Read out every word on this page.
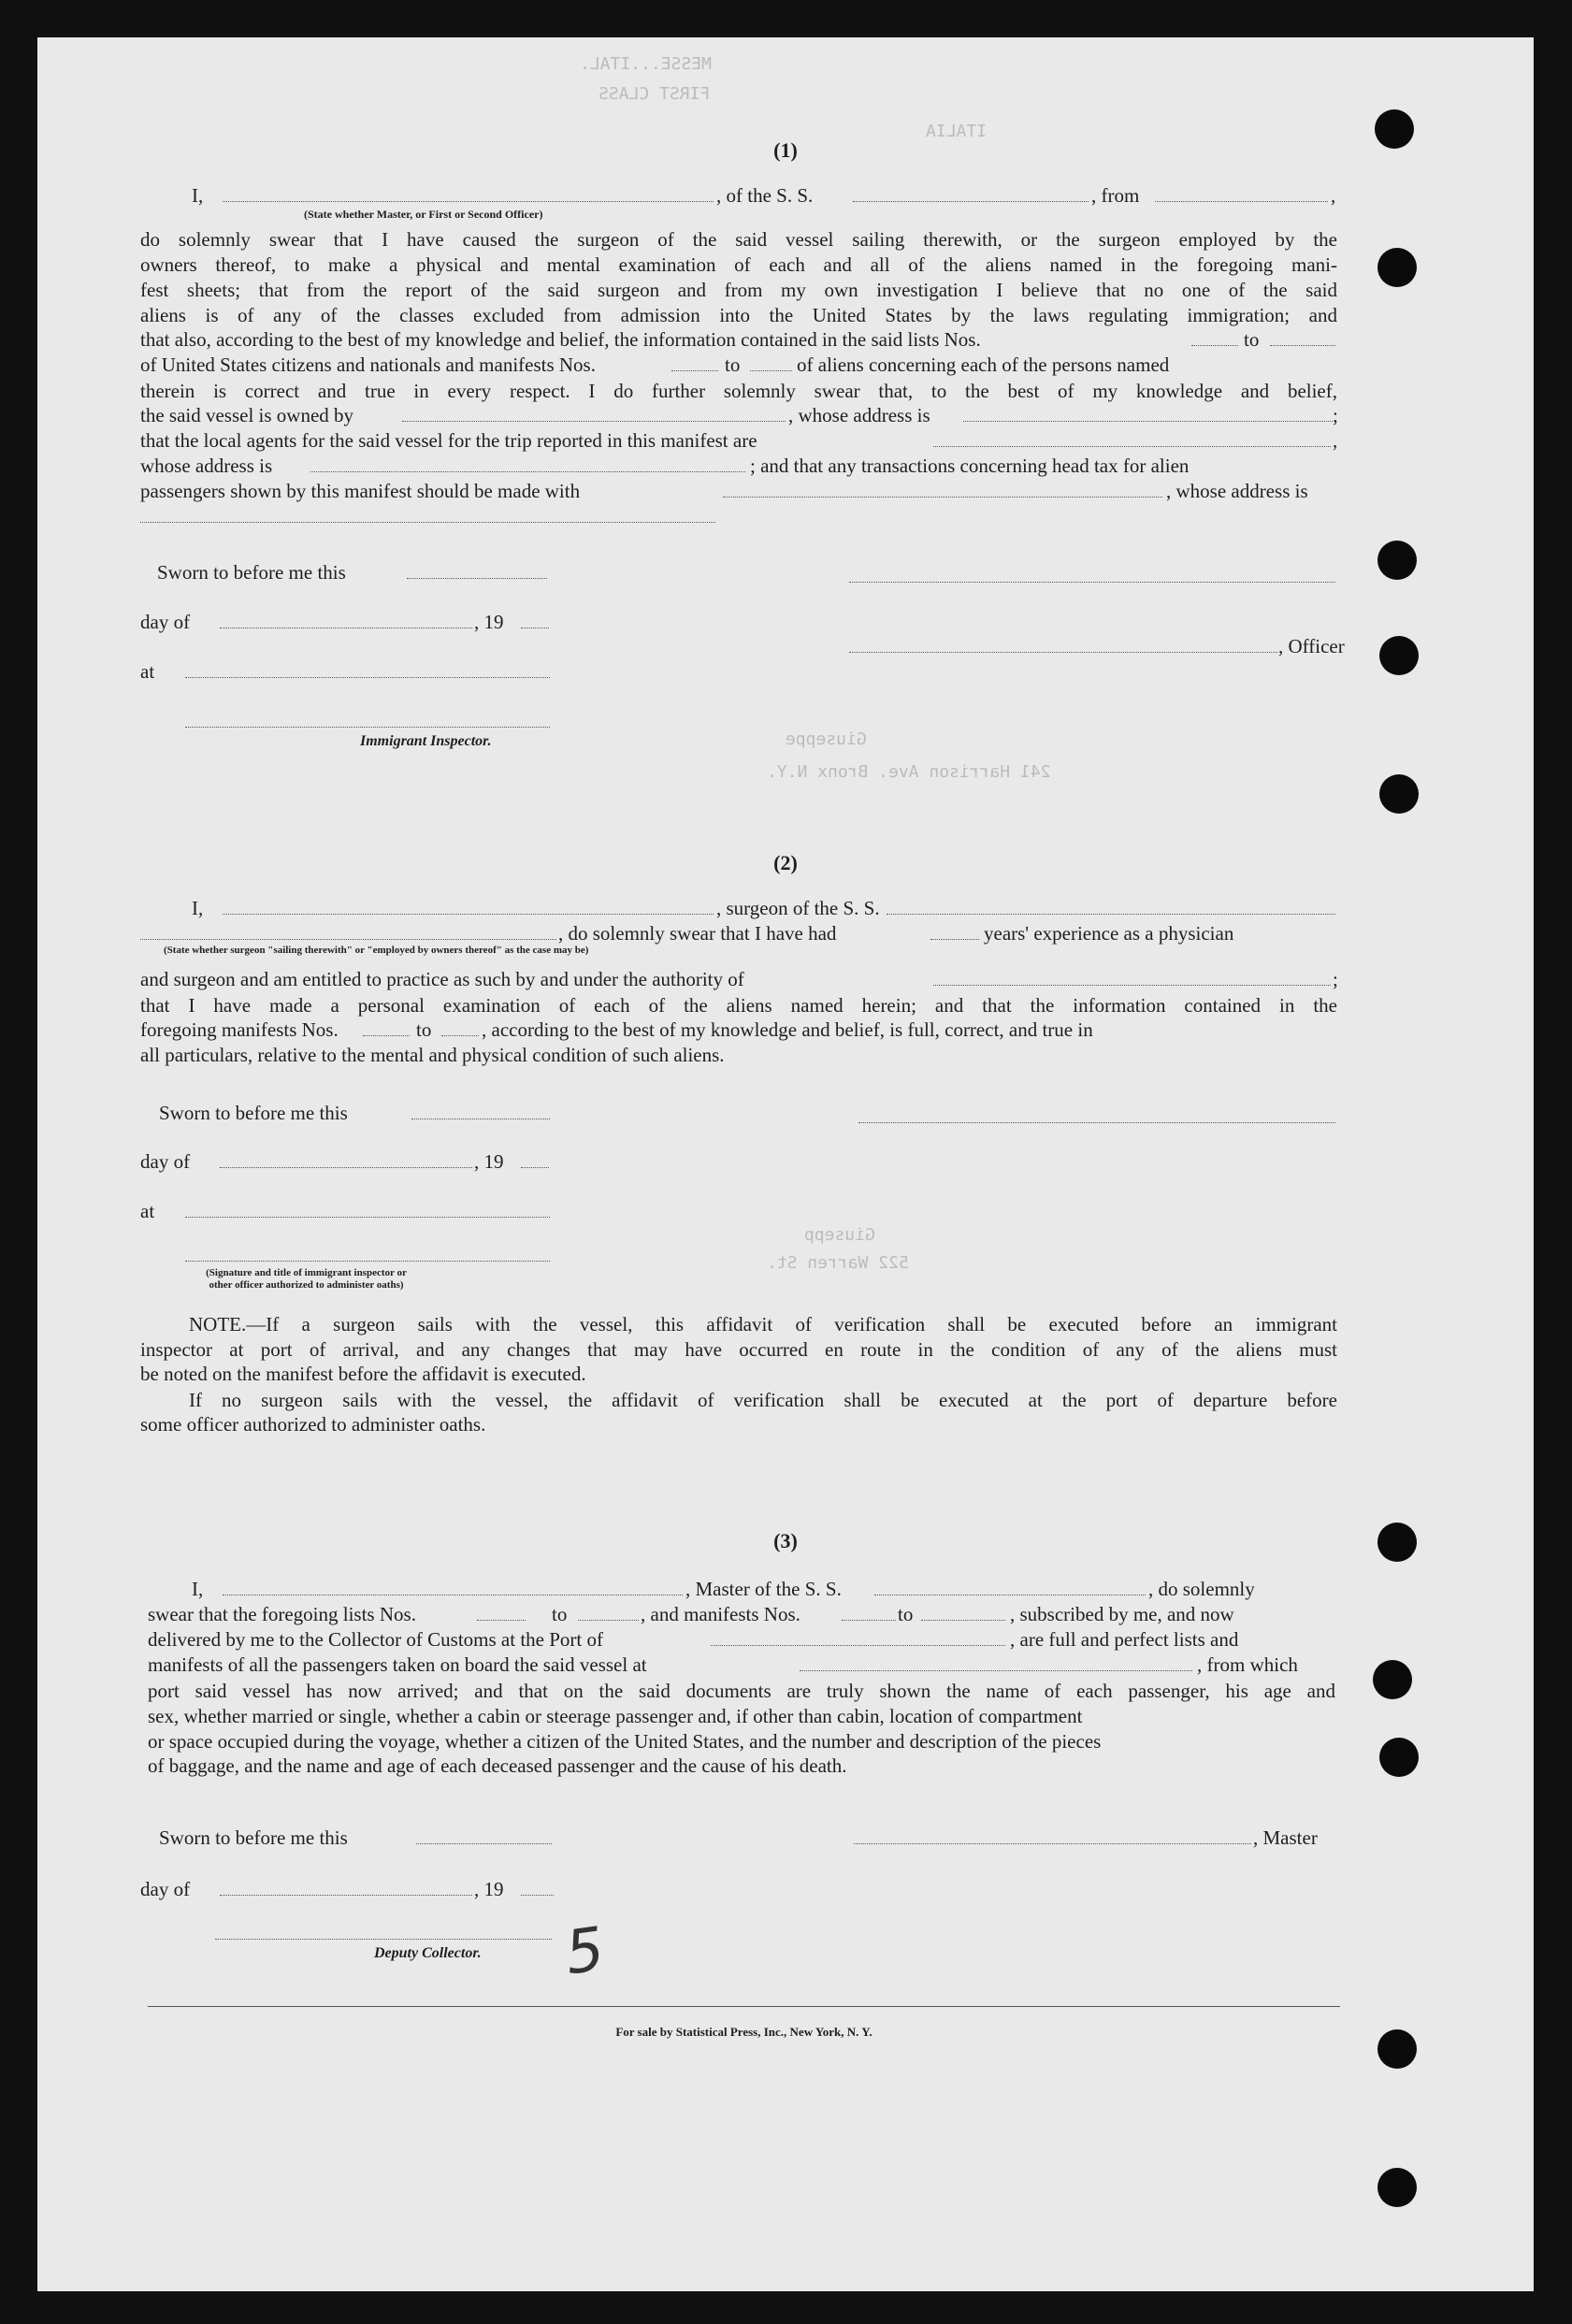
MESSE...ITAL.
FIRST CLASS
ITALIA
Giuseppe
241 Harrison Ave. Bronx N.Y.
Giusepp
522 Warren St.
(1)
I,	, of the S. S.	, from	,
(State whether Master, or First or Second Officer)
do solemnly swear that I have caused the surgeon of the said vessel sailing therewith, or the surgeon employed by the
owners thereof, to make a physical and mental examination of each and all of the aliens named in the foregoing mani-
fest sheets; that from the report of the said surgeon and from my own investigation I believe that no one of the said
aliens is of any of the classes excluded from admission into the United States by the laws regulating immigration; and
that also, according to the best of my knowledge and belief, the information contained in the said lists Nos.	to
of United States citizens and nationals and manifests Nos.	to	of aliens concerning each of the persons named
therein is correct and true in every respect. I do further solemnly swear that, to the best of my knowledge and belief,
the said vessel is owned by	, whose address is	;
that the local agents for the said vessel for the trip reported in this manifest are	,
whose address is	; and that any transactions concerning head tax for alien
passengers shown by this manifest should be made with	, whose address is
Sworn to before me this
day of	, 19
, Officer
at
Immigrant Inspector.
(2)
I,	, surgeon of the S. S.
, do solemnly swear that I have had	years' experience as a physician
(State whether surgeon "sailing therewith" or "employed by owners thereof" as the case may be)
and surgeon and am entitled to practice as such by and under the authority of	;
that I have made a personal examination of each of the aliens named herein; and that the information contained in the
foregoing manifests Nos.	to	, according to the best of my knowledge and belief, is full, correct, and true in
all particulars, relative to the mental and physical condition of such aliens.
Sworn to before me this
day of	, 19
at
(Signature and title of immigrant inspector or
other officer authorized to administer oaths)
NOTE.—If a surgeon sails with the vessel, this affidavit of verification shall be executed before an immigrant
inspector at port of arrival, and any changes that may have occurred en route in the condition of any of the aliens must
be noted on the manifest before the affidavit is executed.
If no surgeon sails with the vessel, the affidavit of verification shall be executed at the port of departure before
some officer authorized to administer oaths.
(3)
I,	, Master of the S. S.	, do solemnly
swear that the foregoing lists Nos.	to	, and manifests Nos.	to	, subscribed by me, and now
delivered by me to the Collector of Customs at the Port of	, are full and perfect lists and
manifests of all the passengers taken on board the said vessel at	, from which
port said vessel has now arrived; and that on the said documents are truly shown the name of each passenger, his age and
sex, whether married or single, whether a cabin or steerage passenger and, if other than cabin, location of compartment
or space occupied during the voyage, whether a citizen of the United States, and the number and description of the pieces
of baggage, and the name and age of each deceased passenger and the cause of his death.
Sworn to before me this	, Master
day of	, 19
Deputy Collector. 5
For sale by Statistical Press, Inc., New York, N. Y.
